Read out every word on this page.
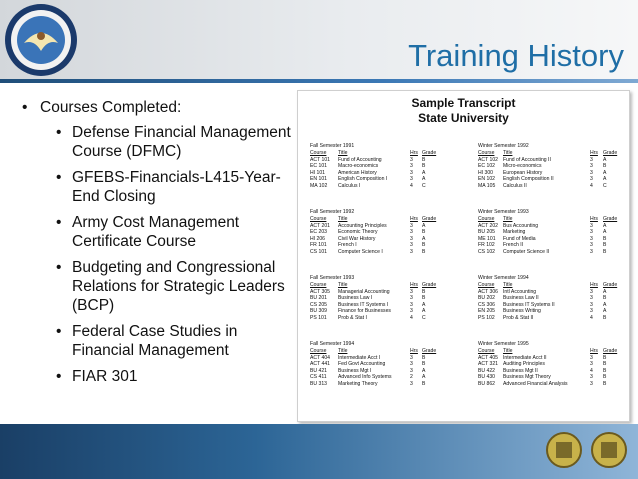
Training History
• Courses Completed:
• Defense Financial Management Course (DFMC)
• GFEBS-Financials-L415-Year-End Closing
• Army Cost Management Certificate Course
• Budgeting and Congressional Relations for Strategic Leaders (BCP)
• Federal Case Studies in Financial Management
• FIAR 301
Sample Transcript
State University
Fall Semester 1991
Course Title	Hrs Grade
ACT 101 Fund of Accounting	3 B
EC 101 Macro-economics	3 B
HI 101	American History	3 A
EN 101 English Composition I	3 A
MA 102 Calculus I	4 C
Winter Semester 1992
Course Title	Hrs Grade
ACT 102 Fund of Accounting II	3 A
EC 102 Micro-economics	3 B
HI 300 European History	3 A
EN 102 English Composition II	3 A
MA 105 Calculus II	4 C
Fall Semester 1992
Course Title	Hrs Grade
ACT 201 Accounting Principles	3 A
EC 203 Economic Theory	3 B
HI 206	Civil War History	3 A
FR 101 French I	3 B
CS 101 Computer Science I	3 B
Winter Semester 1993
Course Title	Hrs Grade
ACT 202 Bus Accounting	3 A
BU 205 Marketing	3 A
ME 101 Fund of Media	3 B
FR 102 French II	3 B
CS 102 Computer Science II	3 B
Fall Semester 1993
Course Title	Hrs Grade
ACT 305 Managerial Accounting	3 B
BU 201 Business Law I	3 B
CS 205 Business IT Systems I	3 A
BU 309 Finance for Businesses	3 A
PS 101 Prob & Stat I	4 C
Winter Semester 1994
Course Title	Hrs Grade
ACT 306 Intl Accounting	3 A
BU 202 Business Law II	3 B
CS 306 Business IT Systems II	3 A
EN 205 Business Writing	3 A
PS 102 Prob & Stat II	4 B
Fall Semester 1994
Course Title	Hrs Grade
ACT 404 Intermediate Acct I	3 B
ACT 441 Fed Govt Accounting	3 B
BU 421 Business Mgt I	3 A
CS 411 Advanced Info Systems	2 A
BU 313 Marketing Theory	3 B
Winter Semester 1995
Course Title	Hrs Grade
ACT 405 Intermediate Acct II	3 B
ACT 321 Auditing Principles	3 B
BU 422 Business Mgt II	4 B
BU 430 Business Mgt Theory	3 B
BU 862 Advanced Financial Analysis	3 B
